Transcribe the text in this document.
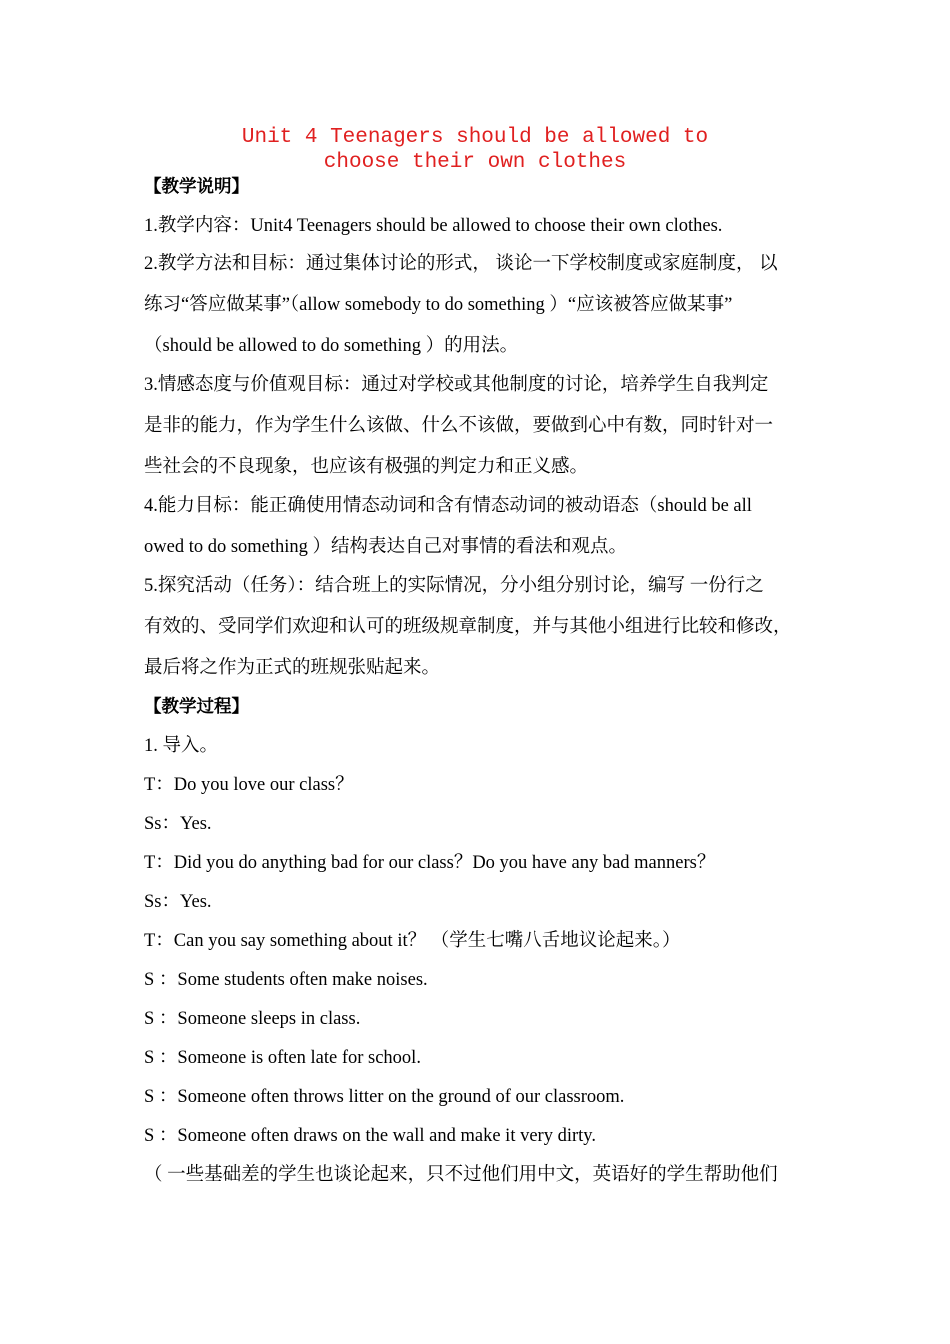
Unit 4 Teenagers should be allowed to
choose their own clothes
【教学说明】
1.教学内容：Unit4 Teenagers should be allowed to choose their own clothes.
2.教学方法和目标：通过集体讨论的形式， 谈论一下学校制度或家庭制度， 以
练习“答应做某事”（allow somebody to do something ）“应该被答应做某事”
（should be allowed to do something ）的用法。
3.情感态度与价值观目标：通过对学校或其他制度的讨论，培养学生自我判定
是非的能力，作为学生什么该做、什么不该做，要做到心中有数，同时针对一
些社会的不良现象，也应该有极强的判定力和正义感。
4.能力目标：能正确使用情态动词和含有情态动词的被动语态（should be all
owed to do something ）结构表达自己对事情的看法和观点。
5.探究活动（任务）：结合班上的实际情况，分小组分别讨论，编写 一份行之
有效的、受同学们欢迎和认可的班级规章制度，并与其他小组进行比较和修改，
最后将之作为正式的班规张贴起来。
【教学过程】
1. 导入。
T：Do you love our class？
Ss：Yes.
T：Did you do anything bad for our class？Do you have any bad manners？
Ss：Yes.
T：Can you say something about it？ （学生七嘴八舌地议论起来。）
S ：Some students often make noises.
S ：Someone sleeps in class.
S ：Someone is often late for school.
S ：Someone often throws litter on the ground of our classroom.
S ：Someone often draws on the wall and make it very dirty.
（ 一些基础差的学生也谈论起来，只不过他们用中文，英语好的学生帮助他们
